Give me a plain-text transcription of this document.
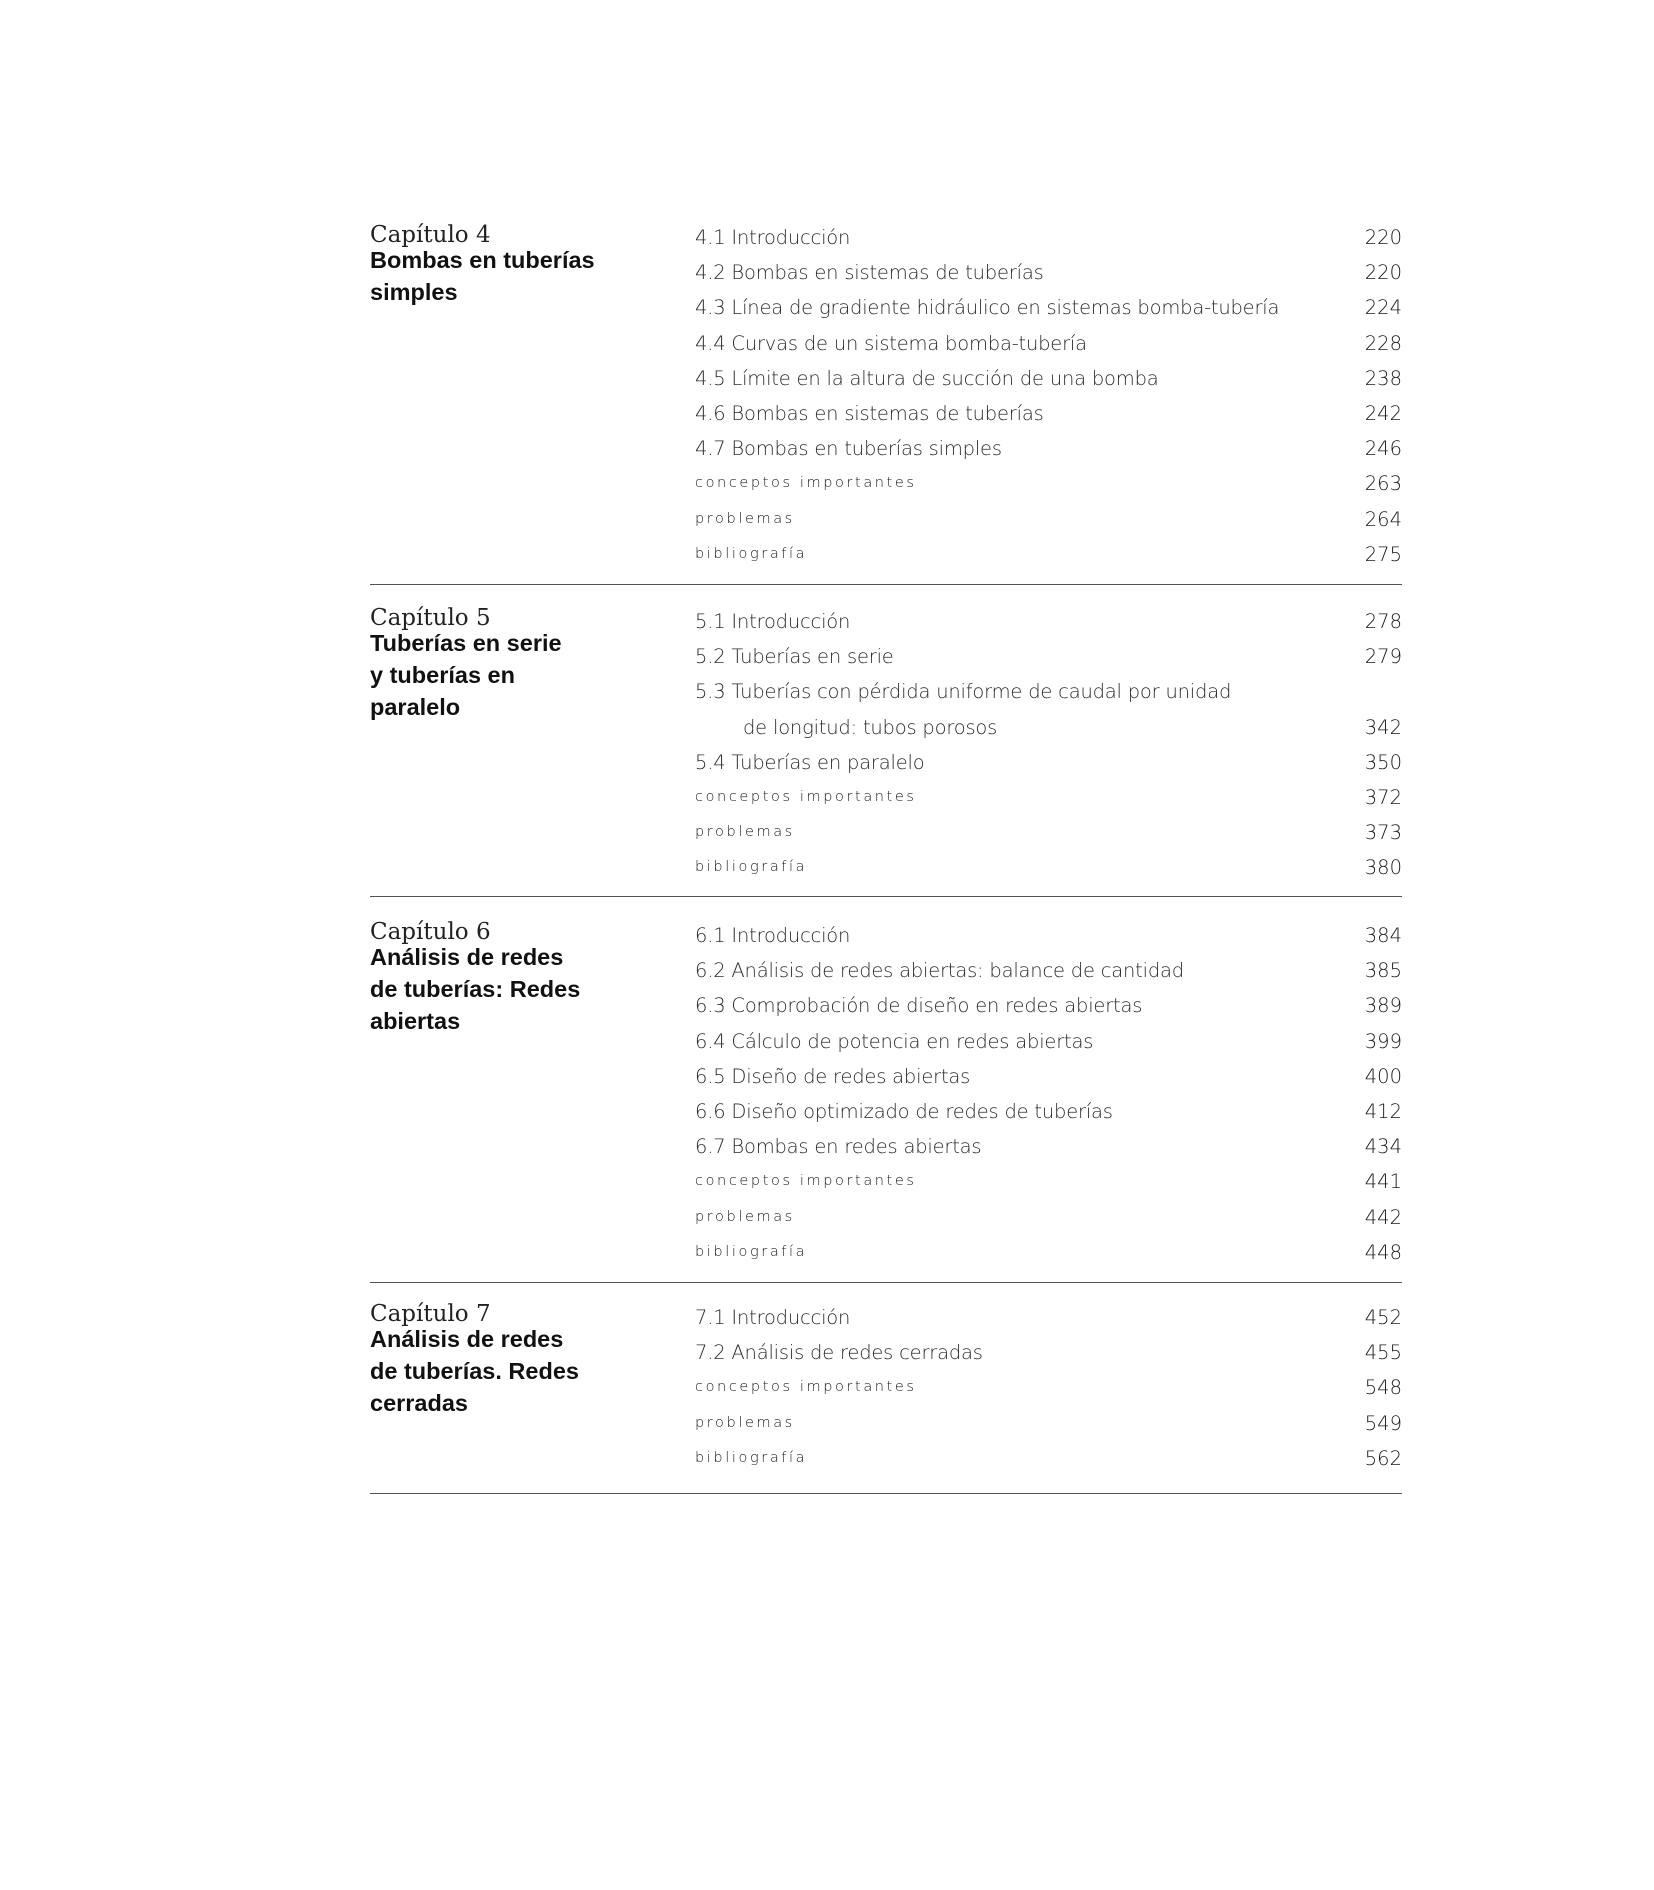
Capítulo 4
Bombas en tuberías
simples
4.1 Introducción	220
4.2 Bombas en sistemas de tuberías	220
4.3 Línea de gradiente hidráulico en sistemas bomba-tubería	224
4.4 Curvas de un sistema bomba-tubería	228
4.5 Límite en la altura de succión de una bomba	238
4.6 Bombas en sistemas de tuberías	242
4.7 Bombas en tuberías simples	246
conceptos importantes	263
problemas	264
bibliografía	275
Capítulo 5
Tuberías en serie
y tuberías en
paralelo
5.1 Introducción	278
5.2 Tuberías en serie	279
5.3 Tuberías con pérdida uniforme de caudal por unidad
de longitud: tubos porosos	342
5.4 Tuberías en paralelo	350
conceptos importantes	372
problemas	373
bibliografía	380
Capítulo 6
Análisis de redes
de tuberías: Redes
abiertas
6.1 Introducción	384
6.2 Análisis de redes abiertas: balance de cantidad	385
6.3 Comprobación de diseño en redes abiertas	389
6.4 Cálculo de potencia en redes abiertas	399
6.5 Diseño de redes abiertas	400
6.6 Diseño optimizado de redes de tuberías	412
6.7 Bombas en redes abiertas	434
conceptos importantes	441
problemas	442
bibliografía	448
Capítulo 7
Análisis de redes
de tuberías. Redes
cerradas
7.1 Introducción	452
7.2 Análisis de redes cerradas	455
conceptos importantes	548
problemas	549
bibliografía	562
